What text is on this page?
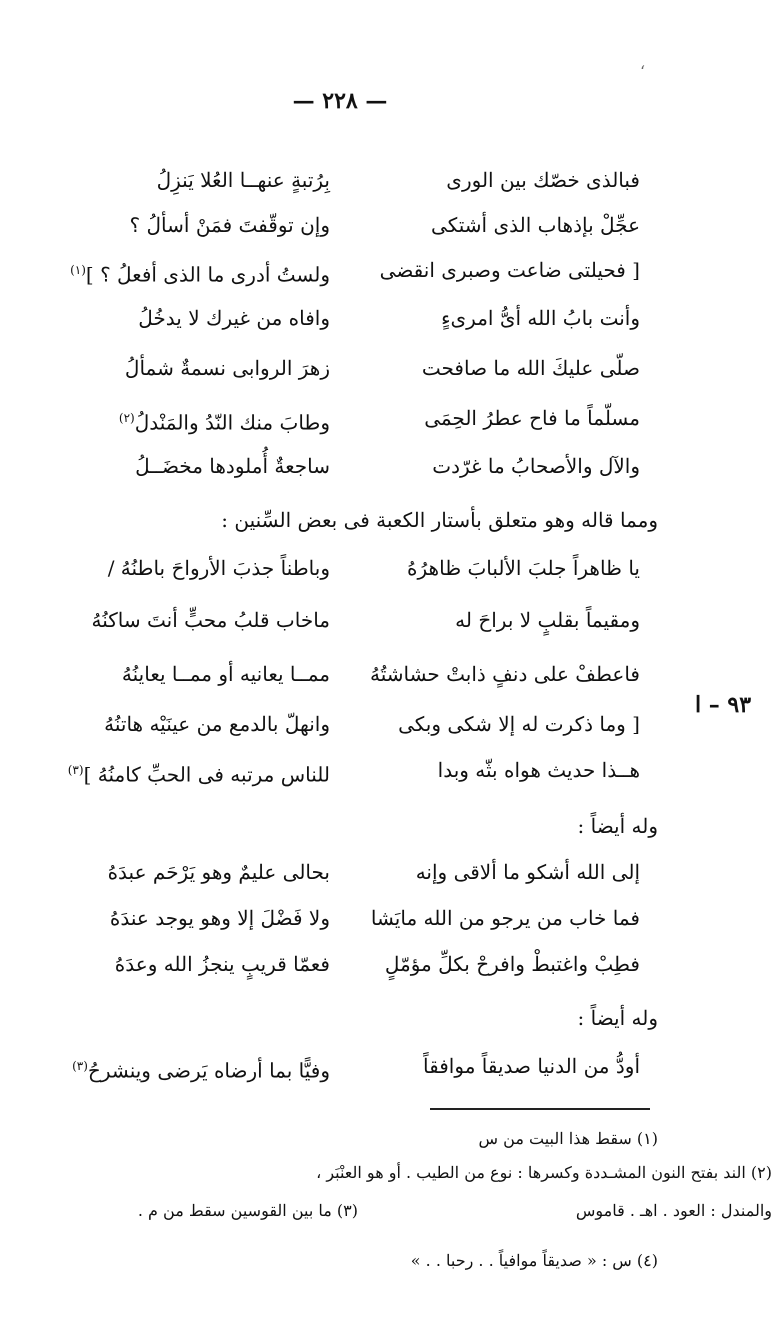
ʻ
— ٢٢٨ —
فبالذى خصّك بين الورى
بِرُتبةٍ عنهــا العُلا يَنزِلُ
عجِّلْ بإذهاب الذى أشتكى
وإن توقّفتَ فمَنْ أسألُ ؟
[ فحيلتى ضاعت وصبرى انقضى
ولستُ أدرى ما الذى أفعلُ ؟ ]$^{(١)}$
وأنت بابُ الله أىُّ امرىءٍ
وافاه من غيرك لا يدخُلُ
صلّى عليكَ الله ما صافحت
زهرَ الروابى نسمةٌ شمألُ
مسلّماً ما فاح عطرُ الحِمَى
وطابَ منك النّدُ والمَنْدلُ$^{(٢)}$
والآل والأصحابُ ما غرّدت
ساجعةٌ أُملودها مخضَــلُ
ومما قاله وهو متعلق بأستار الكعبة فى بعض السِّنين :
يا ظاهراً جلبَ الألبابَ ظاهرُهُ
وباطناً جذبَ الأرواحَ باطنُهُ /
ومقيماً بقلبٍ لا براحَ له
ماخاب قلبُ محبٍّ أنتَ ساكنُهُ
فاعطفْ على دنفٍ ذابتْ حشاشتُهُ
ممــا يعانيه أو ممــا يعاينُهُ
[ وما ذكرت له إلا شكى وبكى
وانهلّ بالدمع من عينَيْه هاتنُهُ
هــذا حديث هواه بثّه وبدا
للناس مرتبه فى الحبِّ كامنُهُ ]$^{(٣)}$
٩٣ – ا
وله أيضاً :
إلى الله أشكو ما ألاقى وإنه
بحالى عليمٌ وهو يَرْحَم عبدَهُ
فما خاب من يرجو من الله مايَشا
ولا فَضْلَ إلا وهو يوجد عندَهُ
فطِبْ واغتبطْ وافرحْ بكلِّ مؤمّلٍ
فعمّا قريبٍ ينجزُ الله وعدَهُ
وله أيضاً :
أودُّ من الدنيا صديقاً موافقاً
وفيًّا بما أرضاه يَرضى وينشرحُ$^{(٣)}$
(١) سقط هذا البيت من س
(٢) الند بفتح النون المشـددة وكسرها : نوع من الطيب . أو هو العنْبَر ،
والمندل : العود . اهـ . قاموس
(٣) ما بين القوسين سقط من م .
(٤) س : « صديقاً موافياً . . رحبا . . »
